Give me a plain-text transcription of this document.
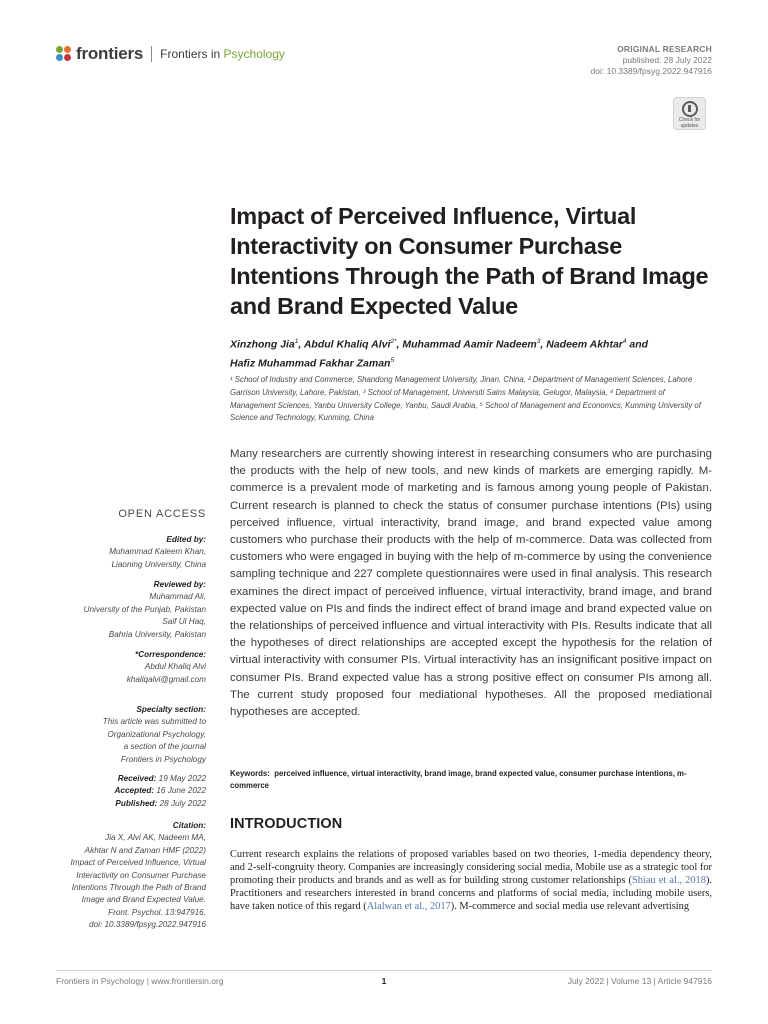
frontiers Frontiers in Psychology	ORIGINAL RESEARCH
published: 28 July 2022
doi: 10.3389/fpsyg.2022.947916
Check for
updates
Impact of Perceived Influence, Virtual Interactivity on Consumer Purchase Intentions Through the Path of Brand Image and Brand Expected Value
Xinzhong Jia$^1$, Abdul Khaliq Alvi$^{2*}$, Muhammad Aamir Nadeem$^3$, Nadeem Akhtar$^4$ and
Hafiz Muhammad Fakhar Zaman$^5$
¹ School of Industry and Commerce, Shandong Management University, Jinan, China, ² Department of Management Sciences, Lahore Garrison University, Lahore, Pakistan, ³ School of Management, Universiti Sains Malaysia, Gelugor, Malaysia, ⁴ Department of Management Sciences, Yanbu University College, Yanbu, Saudi Arabia, ⁵ School of Management and Economics, Kunming University of Science and Technology, Kunming, China

Many researchers are currently showing interest in researching consumers who are purchasing the products with the help of new tools, and new kinds of markets are emerging rapidly. M-commerce is a prevalent mode of marketing and is famous among young people of Pakistan. Current research is planned to check the status of consumer purchase intentions (PIs) using perceived influence, virtual interactivity, brand image, and brand expected value among customers who purchase their products with the help of m-commerce. Data was collected from customers who were engaged in buying with the help of m-commerce by using the convenience sampling technique and 227 complete questionnaires were used in final analysis. This research examines the direct impact of perceived influence, virtual interactivity, brand image, and brand expected value on PIs and finds the indirect effect of brand image and brand expected value on the relationships of perceived influence and virtual interactivity with PIs. Results indicate that all the hypotheses of direct relationships are accepted except the hypothesis for the relation of virtual interactivity with consumer PIs. Virtual interactivity has an insignificant positive impact on consumer PIs. Brand expected value has a strong positive effect on consumer PIs among all. The current study proposed four mediational hypotheses. All the proposed mediational hypotheses are accepted.

Keywords: perceived influence, virtual interactivity, brand image, brand expected value, consumer purchase intentions, m-commerce
INTRODUCTION

Current research explains the relations of proposed variables based on two theories, 1-media dependency theory, and 2-self-congruity theory. Companies are increasingly considering social media, Mobile use as a strategic tool for promoting their products and brands and as well as for building strong customer relationships (Shiau et al., 2018). Practitioners and researchers interested in brand concerns and platforms of social media, including mobile users, have taken notice of this regard (Alalwan et al., 2017). M-commerce and social media use relevant advertising

OPEN ACCESS
Edited by:
Muhammad Kaleem Khan,
Liaoning University, China
Reviewed by:
Muhammad Ali,
University of the Punjab, Pakistan
Saif Ul Haq,
Bahria University, Pakistan
*Correspondence:
Abdul Khaliq Alvi
khaliqalvi@gmail.com
Specialty section:
This article was submitted to
Organizational Psychology,
a section of the journal
Frontiers in Psychology
Received: 19 May 2022
Accepted: 16 June 2022
Published: 28 July 2022
Citation:
Jia X, Alvi AK, Nadeem MA,
Akhtar N and Zaman HMF (2022)
Impact of Perceived Influence, Virtual
Interactivity on Consumer Purchase
Intentions Through the Path of Brand
Image and Brand Expected Value.
Front. Psychol. 13:947916.
doi: 10.3389/fpsyg.2022.947916
Frontiers in Psychology | www.frontiersin.org	1	July 2022 | Volume 13 | Article 947916
